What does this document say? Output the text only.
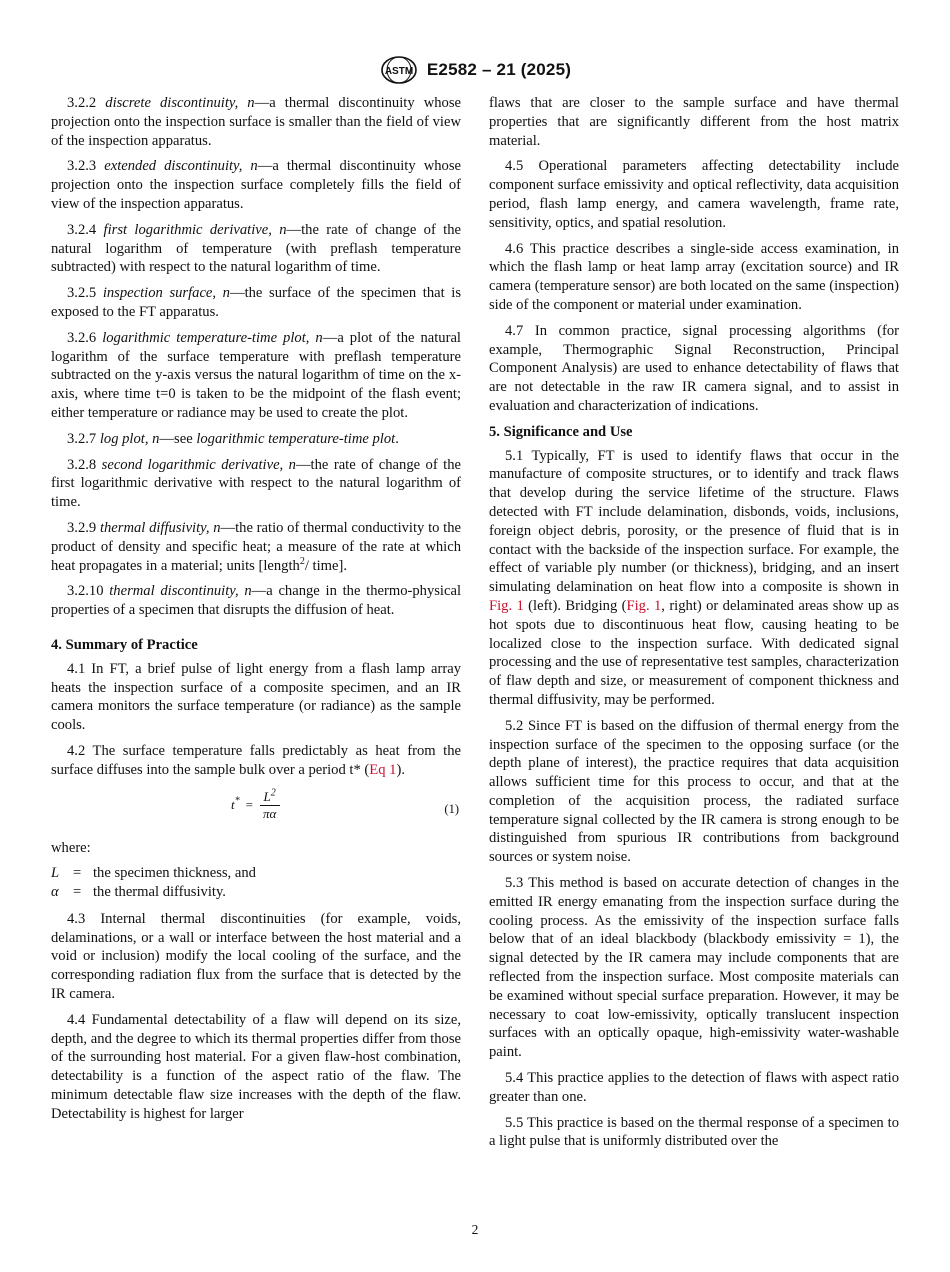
ASTM E2582 – 21 (2025)

3.2.2 discrete discontinuity, n—a thermal discontinuity whose projection onto the inspection surface is smaller than the field of view of the inspection apparatus.

3.2.3 extended discontinuity, n—a thermal discontinuity whose projection onto the inspection surface completely fills the field of view of the inspection apparatus.

3.2.4 first logarithmic derivative, n—the rate of change of the natural logarithm of temperature (with preflash temperature subtracted) with respect to the natural logarithm of time.

3.2.5 inspection surface, n—the surface of the specimen that is exposed to the FT apparatus.

3.2.6 logarithmic temperature-time plot, n—a plot of the natural logarithm of the surface temperature with preflash temperature subtracted on the y-axis versus the natural logarithm of time on the x-axis, where time t=0 is taken to be the midpoint of the flash event; either temperature or radiance may be used to create the plot.

3.2.7 log plot, n—see logarithmic temperature-time plot.

3.2.8 second logarithmic derivative, n—the rate of change of the first logarithmic derivative with respect to the natural logarithm of time.

3.2.9 thermal diffusivity, n—the ratio of thermal conductivity to the product of density and specific heat; a measure of the rate at which heat propagates in a material; units [length$^2$/ time].

3.2.10 thermal discontinuity, n—a change in the thermo-physical properties of a specimen that disrupts the diffusion of heat.

4. Summary of Practice

4.1 In FT, a brief pulse of light energy from a flash lamp array heats the inspection surface of a composite specimen, and an IR camera monitors the surface temperature (or radiance) as the sample cools.

4.2 The surface temperature falls predictably as heat from the surface diffuses into the sample bulk over a period t* (Eq 1).

$t^* = \frac{L^2}{\pi\alpha}$	(1)

where:

L = the specimen thickness, and
α = the thermal diffusivity.

4.3 Internal thermal discontinuities (for example, voids, delaminations, or a wall or interface between the host material and a void or inclusion) modify the local cooling of the surface, and the corresponding radiation flux from the surface that is detected by the IR camera.

4.4 Fundamental detectability of a flaw will depend on its size, depth, and the degree to which its thermal properties differ from those of the surrounding host material. For a given flaw-host combination, detectability is a function of the aspect ratio of the flaw. The minimum detectable flaw size increases with the depth of the flaw. Detectability is highest for larger

flaws that are closer to the sample surface and have thermal properties that are significantly different from the host matrix material.

4.5 Operational parameters affecting detectability include component surface emissivity and optical reflectivity, data acquisition period, flash lamp energy, and camera wavelength, frame rate, sensitivity, optics, and spatial resolution.

4.6 This practice describes a single-side access examination, in which the flash lamp or heat lamp array (excitation source) and IR camera (temperature sensor) are both located on the same (inspection) side of the component or material under examination.

4.7 In common practice, signal processing algorithms (for example, Thermographic Signal Reconstruction, Principal Component Analysis) are used to enhance detectability of flaws that are not detectable in the raw IR camera signal, and to assist in evaluation and characterization of indications.

5. Significance and Use

5.1 Typically, FT is used to identify flaws that occur in the manufacture of composite structures, or to identify and track flaws that develop during the service lifetime of the structure. Flaws detected with FT include delamination, disbonds, voids, inclusions, foreign object debris, porosity, or the presence of fluid that is in contact with the backside of the inspection surface. For example, the effect of variable ply number (or thickness), bridging, and an insert simulating delamination on heat flow into a composite is shown in Fig. 1 (left). Bridging (Fig. 1, right) or delaminated areas show up as hot spots due to discontinuous heat flow, causing heating to be localized close to the inspection surface. With dedicated signal processing and the use of representative test samples, characterization of flaw depth and size, or measurement of component thickness and thermal diffusivity, may be performed.

5.2 Since FT is based on the diffusion of thermal energy from the inspection surface of the specimen to the opposing surface (or the depth plane of interest), the practice requires that data acquisition allows sufficient time for this process to occur, and that at the completion of the acquisition process, the radiated surface temperature signal collected by the IR camera is strong enough to be distinguished from spurious IR contributions from background sources or system noise.

5.3 This method is based on accurate detection of changes in the emitted IR energy emanating from the inspection surface during the cooling process. As the emissivity of the inspection surface falls below that of an ideal blackbody (blackbody emissivity = 1), the signal detected by the IR camera may include components that are reflected from the inspection surface. Most composite materials can be examined without special surface preparation. However, it may be necessary to coat low-emissivity, optically translucent inspection surfaces with an optically opaque, high-emissivity water-washable paint.

5.4 This practice applies to the detection of flaws with aspect ratio greater than one.

5.5 This practice is based on the thermal response of a specimen to a light pulse that is uniformly distributed over the

2
